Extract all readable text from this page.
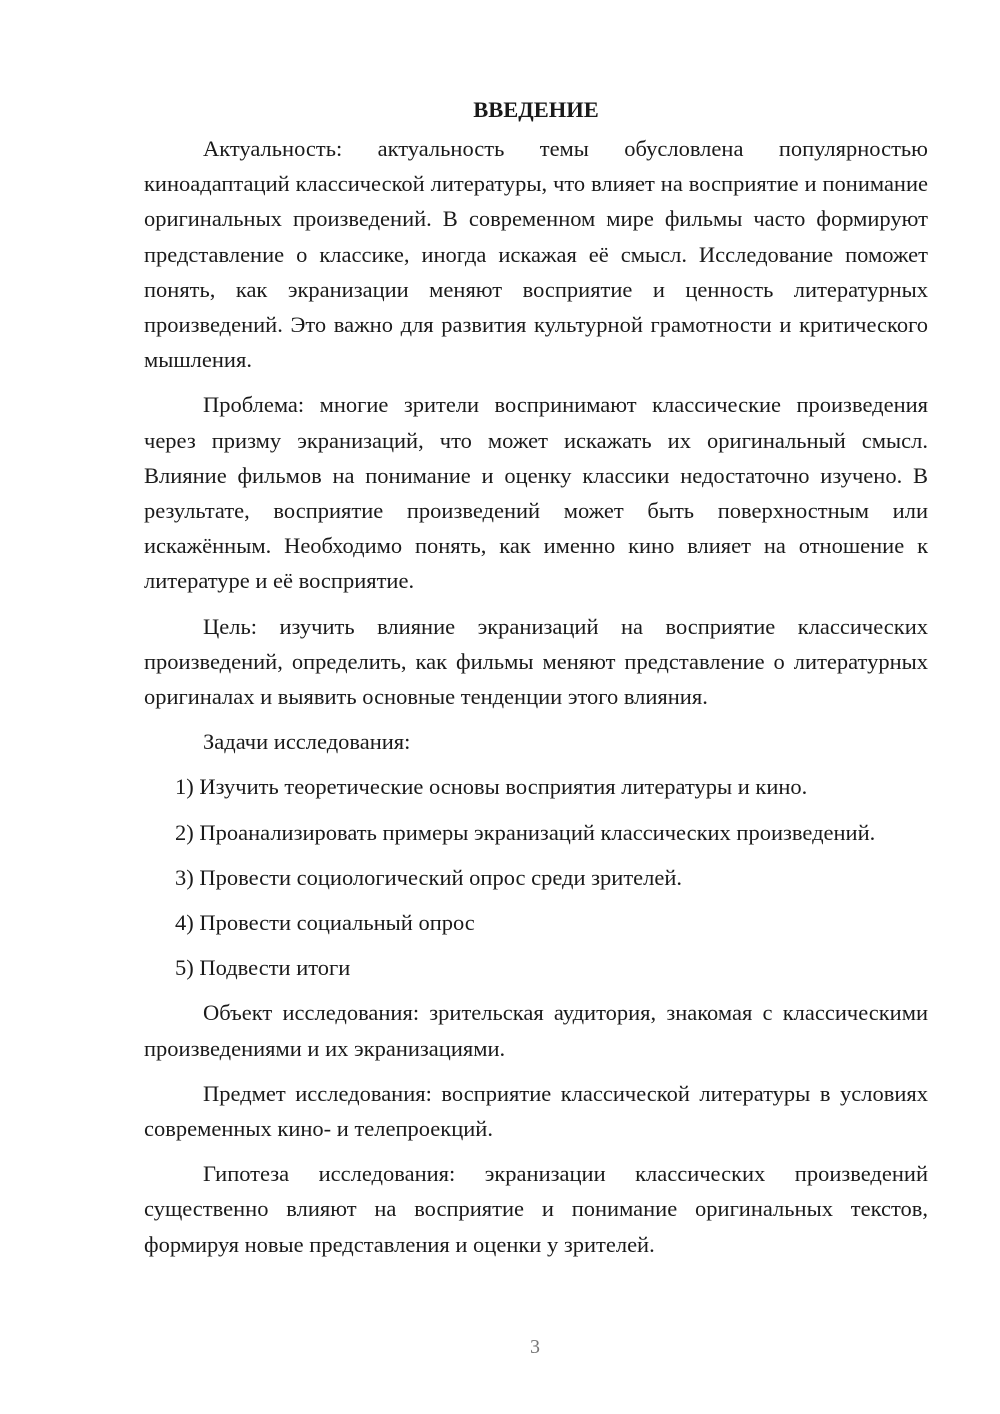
ВВЕДЕНИЕ

Актуальность: актуальность темы обусловлена популярностью киноадаптаций классической литературы, что влияет на восприятие и понимание оригинальных произведений. В современном мире фильмы часто формируют представление о классике, иногда искажая её смысл. Исследование поможет понять, как экранизации меняют восприятие и ценность литературных произведений. Это важно для развития культурной грамотности и критического мышления.

Проблема: многие зрители воспринимают классические произведения через призму экранизаций, что может искажать их оригинальный смысл. Влияние фильмов на понимание и оценку классики недостаточно изучено. В результате, восприятие произведений может быть поверхностным или искажённым. Необходимо понять, как именно кино влияет на отношение к литературе и её восприятие.

Цель: изучить влияние экранизаций на восприятие классических произведений, определить, как фильмы меняют представление о литературных оригиналах и выявить основные тенденции этого влияния.

Задачи исследования:

1) Изучить теоретические основы восприятия литературы и кино.

2) Проанализировать примеры экранизаций классических произведений.

3) Провести социологический опрос среди зрителей.

4) Провести социальный опрос

5) Подвести итоги

Объект исследования: зрительская аудитория, знакомая с классическими произведениями и их экранизациями.

Предмет исследования: восприятие классической литературы в условиях современных кино- и телепроекций.

Гипотеза исследования: экранизации классических произведений существенно влияют на восприятие и понимание оригинальных текстов, формируя новые представления и оценки у зрителей.

3
